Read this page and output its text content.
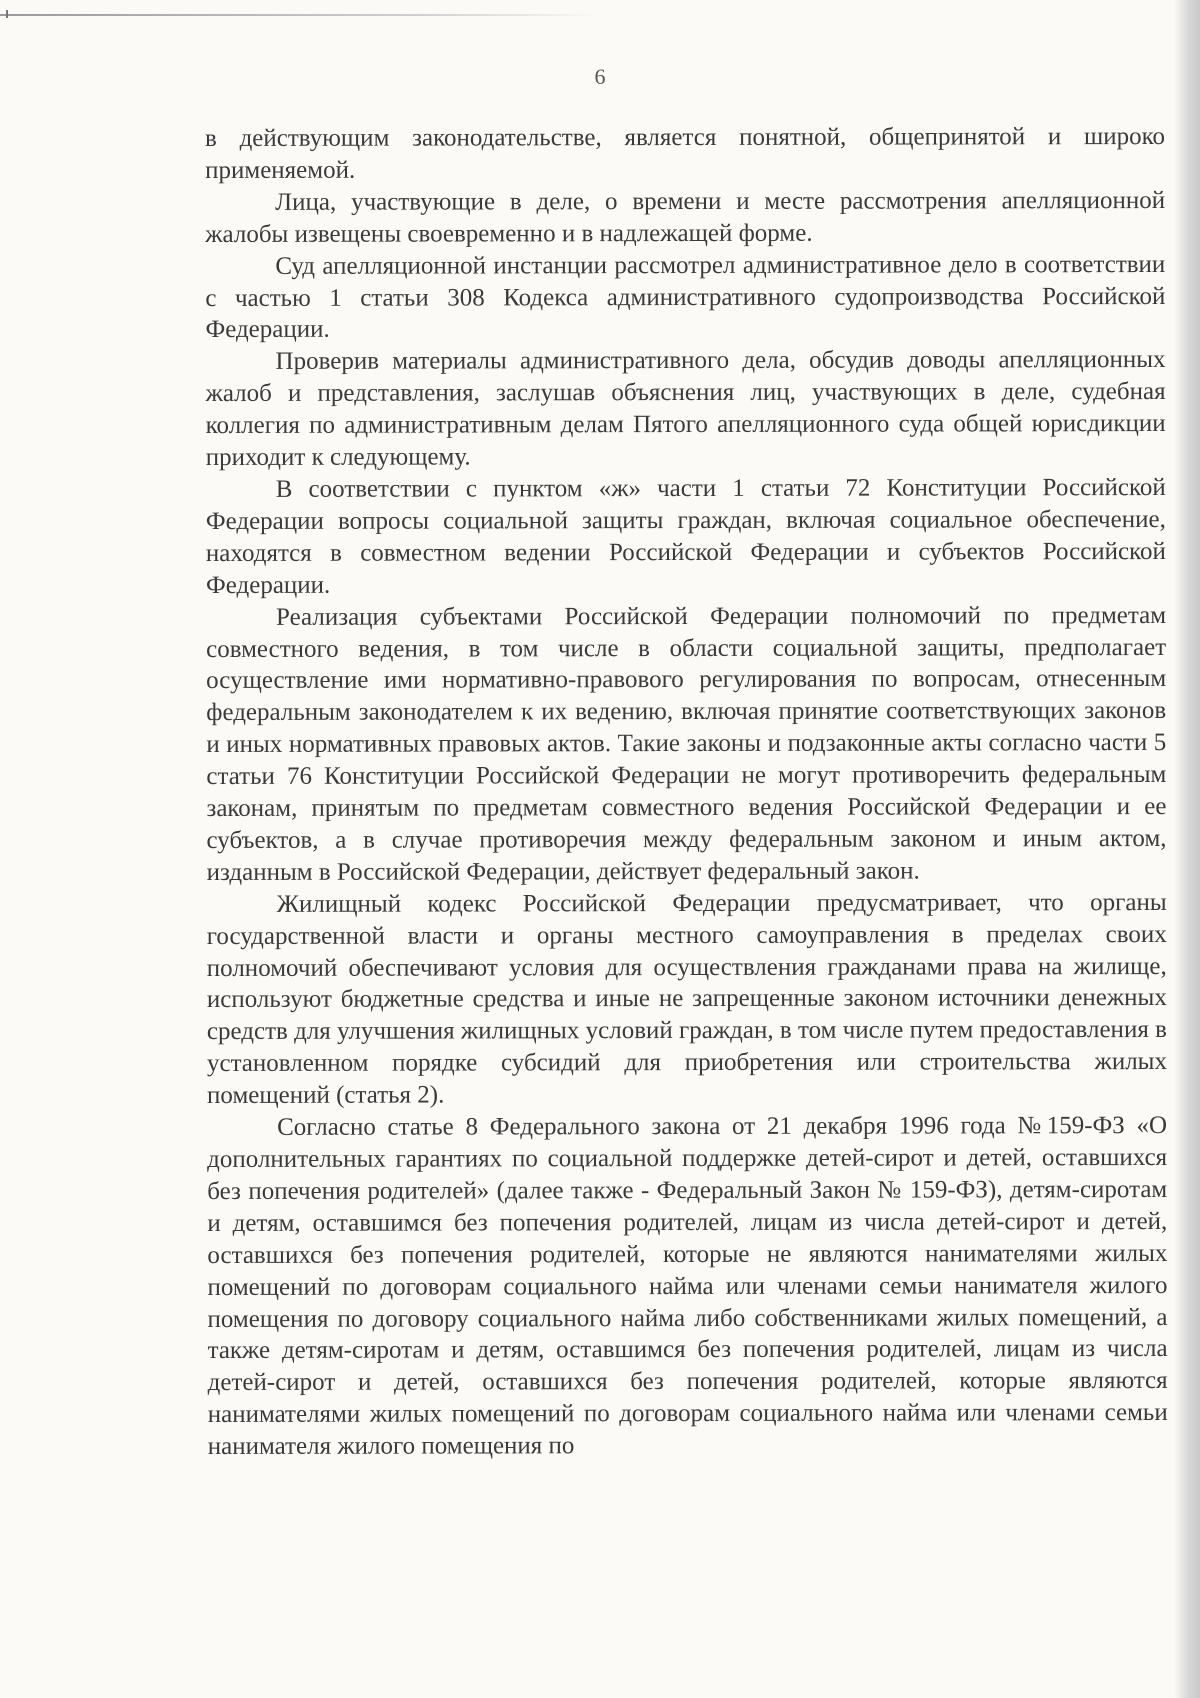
6

в действующим законодательстве, является понятной, общепринятой и широко применяемой.

Лица, участвующие в деле, о времени и месте рассмотрения апелляционной жалобы извещены своевременно и в надлежащей форме.

Суд апелляционной инстанции рассмотрел административное дело в соответствии с частью 1 статьи 308 Кодекса административного судопроизводства Российской Федерации.

Проверив материалы административного дела, обсудив доводы апелляционных жалоб и представления, заслушав объяснения лиц, участвующих в деле, судебная коллегия по административным делам Пятого апелляционного суда общей юрисдикции приходит к следующему.

В соответствии с пунктом «ж» части 1 статьи 72 Конституции Российской Федерации вопросы социальной защиты граждан, включая социальное обеспечение, находятся в совместном ведении Российской Федерации и субъектов Российской Федерации.

Реализация субъектами Российской Федерации полномочий по предметам совместного ведения, в том числе в области социальной защиты, предполагает осуществление ими нормативно-правового регулирования по вопросам, отнесенным федеральным законодателем к их ведению, включая принятие соответствующих законов и иных нормативных правовых актов. Такие законы и подзаконные акты согласно части 5 статьи 76 Конституции Российской Федерации не могут противоречить федеральным законам, принятым по предметам совместного ведения Российской Федерации и ее субъектов, а в случае противоречия между федеральным законом и иным актом, изданным в Российской Федерации, действует федеральный закон.

Жилищный кодекс Российской Федерации предусматривает, что органы государственной власти и органы местного самоуправления в пределах своих полномочий обеспечивают условия для осуществления гражданами права на жилище, используют бюджетные средства и иные не запрещенные законом источники денежных средств для улучшения жилищных условий граждан, в том числе путем предоставления в установленном порядке субсидий для приобретения или строительства жилых помещений (статья 2).

Согласно статье 8 Федерального закона от 21 декабря 1996 года №159-ФЗ «О дополнительных гарантиях по социальной поддержке детей-сирот и детей, оставшихся без попечения родителей» (далее также - Федеральный Закон № 159-ФЗ), детям-сиротам и детям, оставшимся без попечения родителей, лицам из числа детей-сирот и детей, оставшихся без попечения родителей, которые не являются нанимателями жилых помещений по договорам социального найма или членами семьи нанимателя жилого помещения по договору социального найма либо собственниками жилых помещений, а также детям-сиротам и детям, оставшимся без попечения родителей, лицам из числа детей-сирот и детей, оставшихся без попечения родителей, которые являются нанимателями жилых помещений по договорам социального найма или членами семьи нанимателя жилого помещения по
